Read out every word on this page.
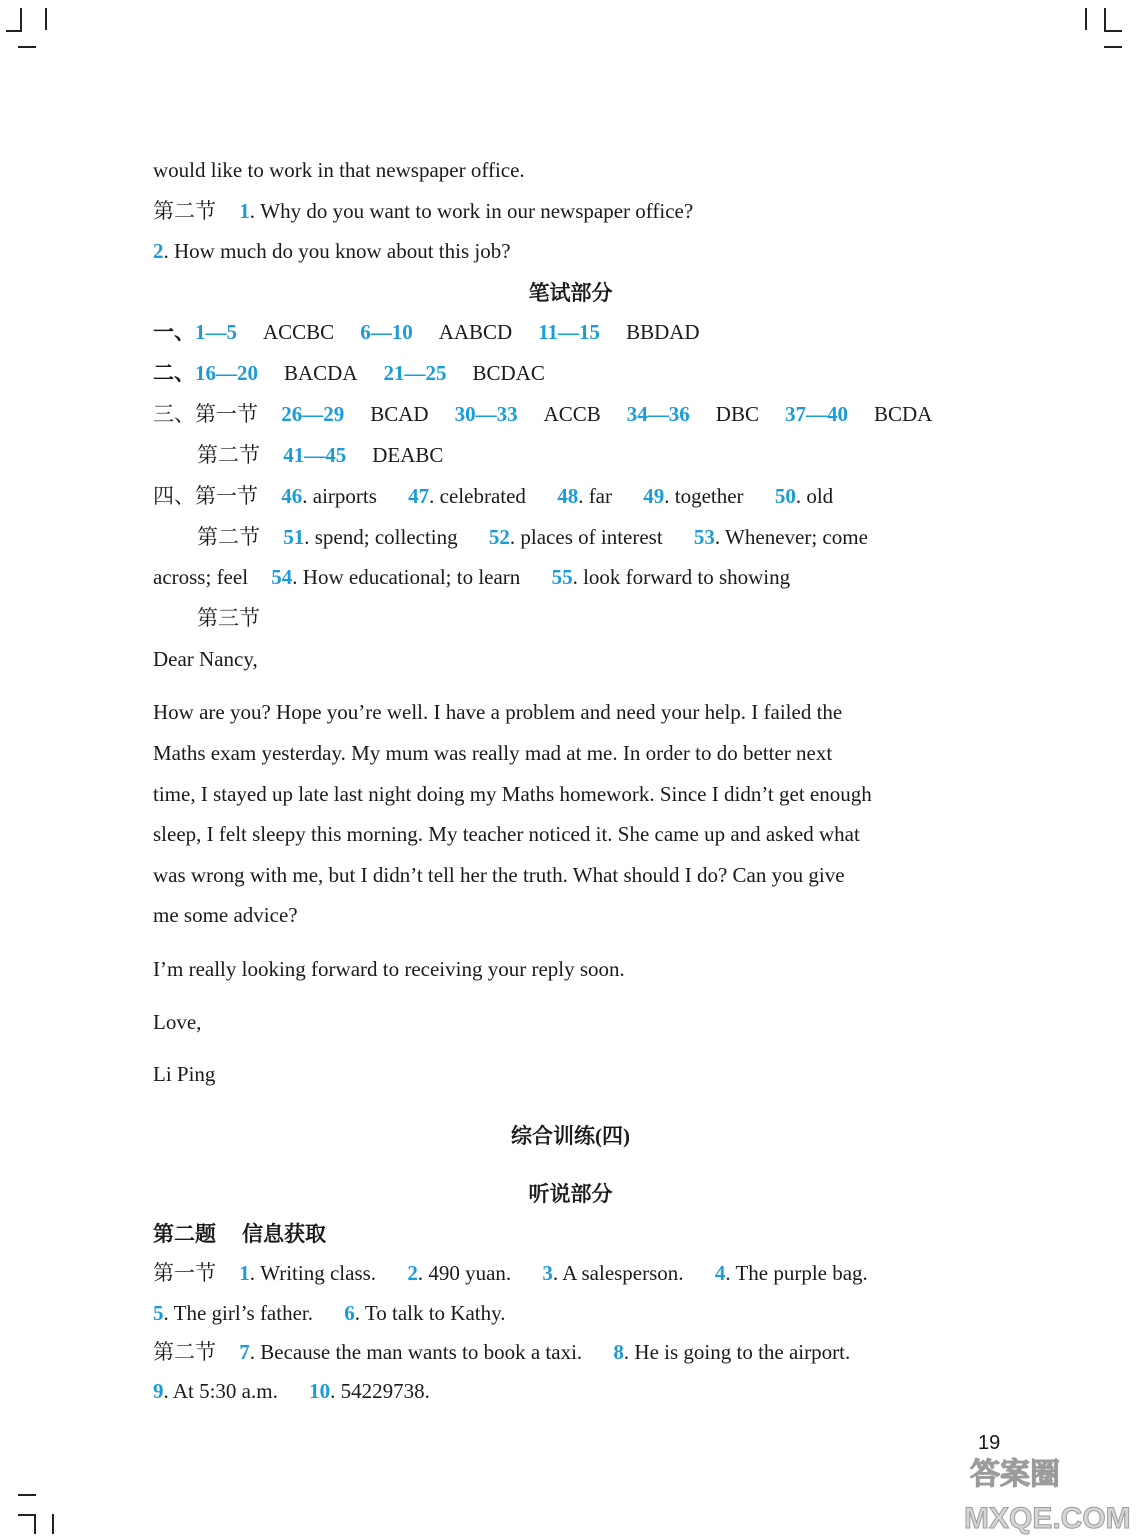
would like to work in that newspaper office.
第二节 1. Why do you want to work in our newspaper office?
2. How much do you know about this job?
笔试部分
一、1—5 ACCBC 6—10 AABCD 11—15 BBDAD
二、16—20 BACDA 21—25 BCDAC
三、第一节 26—29 BCAD 30—33 ACCB 34—36 DBC 37—40 BCDA
第二节 41—45 DEABC
四、第一节 46. airports 47. celebrated 48. far 49. together 50. old
第二节 51. spend; collecting 52. places of interest 53. Whenever; come
across; feel 54. How educational; to learn 55. look forward to showing
第三节
Dear Nancy,
How are you? Hope you’re well. I have a problem and need your help. I failed the
Maths exam yesterday. My mum was really mad at me. In order to do better next
time, I stayed up late last night doing my Maths homework. Since I didn’t get enough
sleep, I felt sleepy this morning. My teacher noticed it. She came up and asked what
was wrong with me, but I didn’t tell her the truth. What should I do? Can you give
me some advice?
I’m really looking forward to receiving your reply soon.
Love,
Li Ping
综合训练(四)
听说部分
第二题 信息获取
第一节 1. Writing class. 2. 490 yuan. 3. A salesperson. 4. The purple bag.
5. The girl’s father. 6. To talk to Kathy.
第二节 7. Because the man wants to book a taxi. 8. He is going to the airport.
9. At 5:30 a.m. 10. 54229738.
19
答案圈
MXQE.COM
